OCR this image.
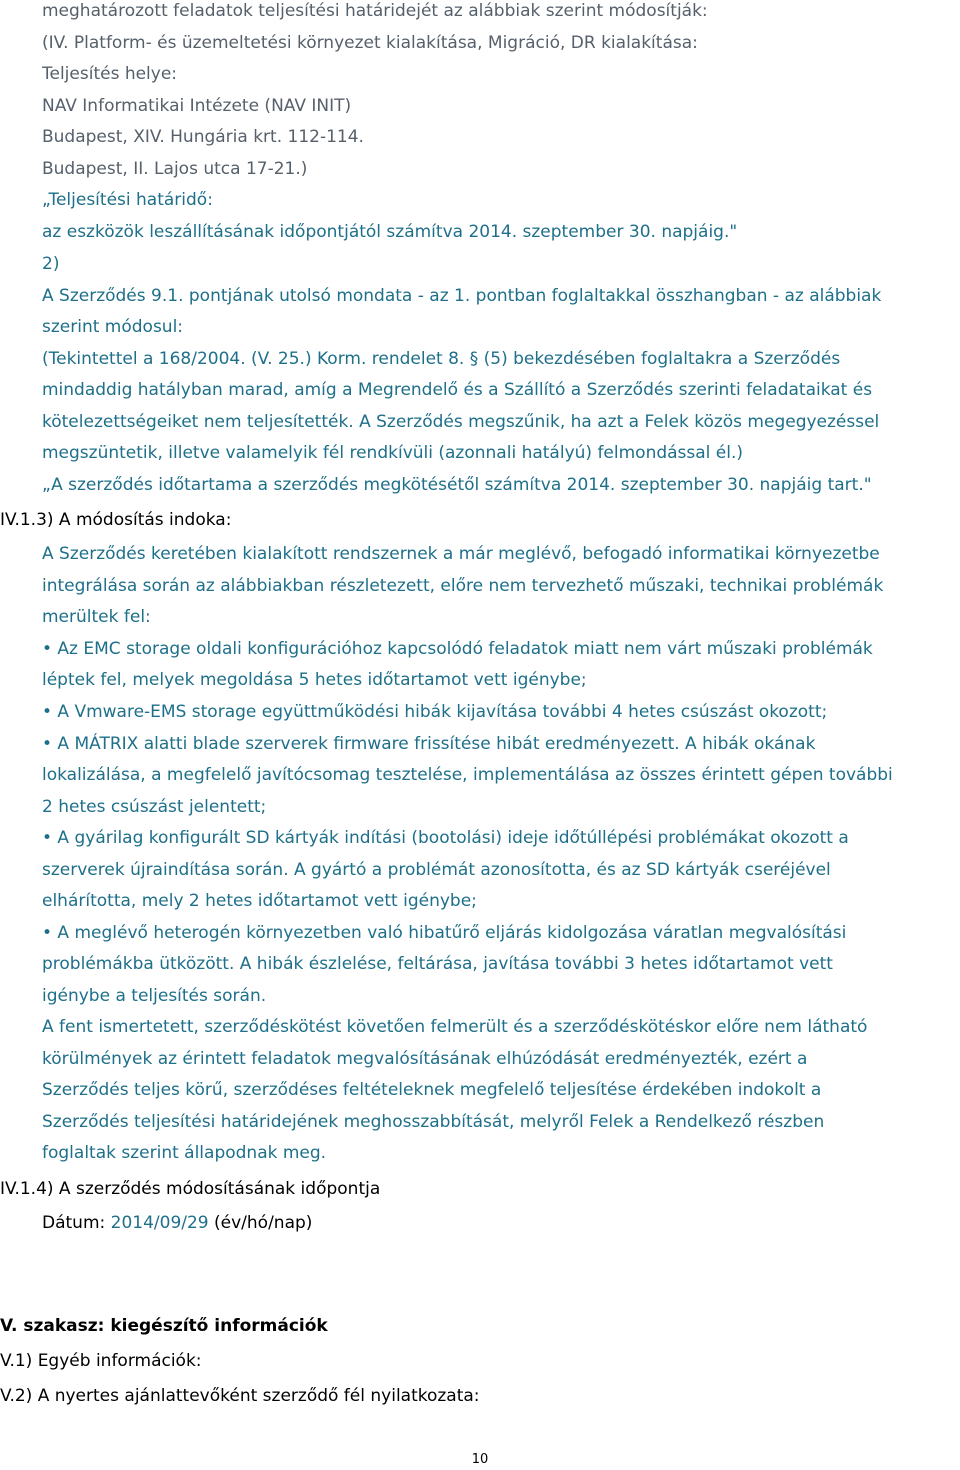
meghatározott feladatok teljesítési határidejét az alábbiak szerint módosítják:
(IV. Platform- és üzemeltetési környezet kialakítása, Migráció, DR kialakítása:
Teljesítés helye:
NAV Informatikai Intézete (NAV INIT)
Budapest, XIV. Hungária krt. 112-114.
Budapest, II. Lajos utca 17-21.)
„Teljesítési határidő:
az eszközök leszállításának időpontjától számítva 2014. szeptember 30. napjáig."
2)
A Szerződés 9.1. pontjának utolsó mondata - az 1. pontban foglaltakkal összhangban - az alábbiak
szerint módosul:
(Tekintettel a 168/2004. (V. 25.) Korm. rendelet 8. § (5) bekezdésében foglaltakra a Szerződés
mindaddig hatályban marad, amíg a Megrendelő és a Szállító a Szerződés szerinti feladataikat és
kötelezettségeiket nem teljesítették. A Szerződés megszűnik, ha azt a Felek közös megegyezéssel
megszüntetik, illetve valamelyik fél rendkívüli (azonnali hatályú) felmondással él.)
„A szerződés időtartama a szerződés megkötésétől számítva 2014. szeptember 30. napjáig tart."
IV.1.3) A módosítás indoka:
A Szerződés keretében kialakított rendszernek a már meglévő, befogadó informatikai környezetbe
integrálása során az alábbiakban részletezett, előre nem tervezhető műszaki, technikai problémák
merültek fel:
• Az EMC storage oldali konfigurációhoz kapcsolódó feladatok miatt nem várt műszaki problémák
léptek fel, melyek megoldása 5 hetes időtartamot vett igénybe;
• A Vmware-EMS storage együttműködési hibák kijavítása további 4 hetes csúszást okozott;
• A MÁTRIX alatti blade szerverek firmware frissítése hibát eredményezett. A hibák okának
lokalizálása, a megfelelő javítócsomag tesztelése, implementálása az összes érintett gépen további
2 hetes csúszást jelentett;
• A gyárilag konfigurált SD kártyák indítási (bootolási) ideje időtúllépési problémákat okozott a
szerverek újraindítása során. A gyártó a problémát azonosította, és az SD kártyák cseréjével
elhárította, mely 2 hetes időtartamot vett igénybe;
• A meglévő heterogén környezetben való hibatűrő eljárás kidolgozása váratlan megvalósítási
problémákba ütközött. A hibák észlelése, feltárása, javítása további 3 hetes időtartamot vett
igénybe a teljesítés során.
A fent ismertetett, szerződéskötést követően felmerült és a szerződéskötéskor előre nem látható
körülmények az érintett feladatok megvalósításának elhúzódását eredményezték, ezért a
Szerződés teljes körű, szerződéses feltételeknek megfelelő teljesítése érdekében indokolt a
Szerződés teljesítési határidejének meghosszabbítását, melyről Felek a Rendelkező részben
foglaltak szerint állapodnak meg.
IV.1.4) A szerződés módosításának időpontja
Dátum: 2014/09/29 (év/hó/nap)
V. szakasz: kiegészítő információk
V.1) Egyéb információk:
V.2) A nyertes ajánlattevőként szerződő fél nyilatkozata:
10
